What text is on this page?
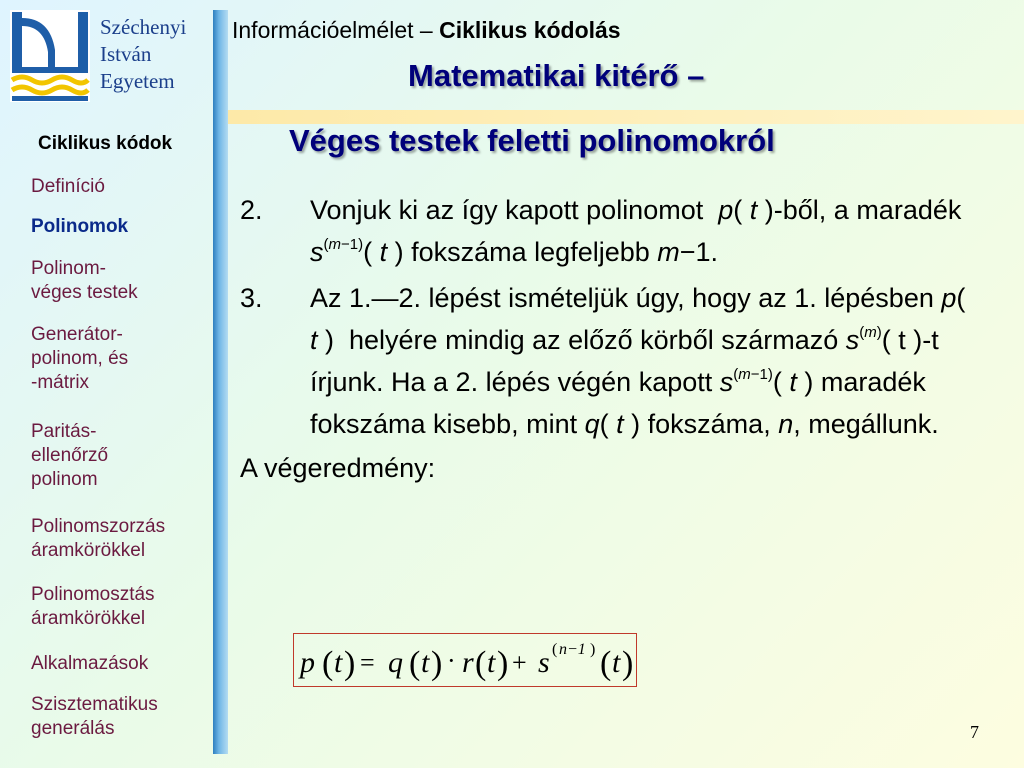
Széchenyi
István
Egyetem
Információelmélet – Ciklikus kódolás
Matematikai kitérő –
Véges testek feletti polinomokról
Ciklikus kódok
Definíció
Polinomok
Polinom-
véges testek
Generátor-
polinom, és
-mátrix
Paritás-
ellenőrző
polinom
Polinomszorzás
áramkörökkel
Polinomosztás
áramkörökkel
Alkalmazások
Szisztematikus
generálás
2. Vonjuk ki az így kapott polinomot  p( t )-ből, a maradék  $s^{(m-1)}$( t ) fokszáma legfeljebb m−1.
3. Az 1.—2. lépést ismételjük úgy, hogy az 1. lépésben p( t )  helyére mindig az előző körből származó $s^{(m)}$( t )-t írjunk. Ha a 2. lépés végén kapott $s^{(m-1)}$( t ) maradék fokszáma kisebb, mint q( t ) fokszáma, n, megállunk.
A végeredmény:
p t q t r t s t
( ) ( ) ( )	( )
=	· + ( n−1 )
7
